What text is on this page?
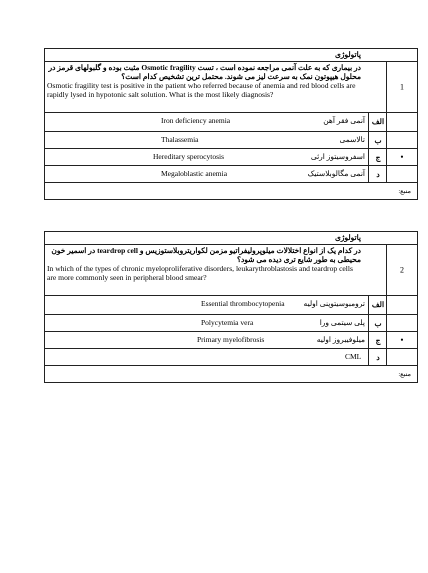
پاتولوژی
در بیماری که به علت آنمی مراجعه نموده است ، تست Osmotic fragility مثبت بوده و گلبولهای قرمز در محلول هیپوتون نمک به سرعت لیز می شوند. محتمل ترین تشخیص کدام است؟
Osmotic fragility test is positive in the patient who referred because of anemia and red blood cells are rapidly lysed in hypotonic salt solution. What is the most likely diagnosis?
1
الف
آنمی فقر آهن
Iron deficiency anemia
ب
تالاسمی
Thalassemia
•
ج
اسفروسیتوز ارثی
Hereditary sperocytosis
د
آنمی مگالوبلاستیک
Megaloblastic anemia
منبع:
پاتولوژی
در کدام یک از انواع اختلالات میلوپرولیفراتیو مزمن لکواریتروبلاستوزیس و teardrop cell در اسمیر خون محیطی به طور شایع تری دیده می شود؟
In which of the types of chronic myeloproliferative disorders, leukarythroblastosis and teardrop cells are more commonly seen in peripheral blood smear?
2
الف
ترومبوسیتوپنی اولیه
Essential thrombocytopenia
ب
پلی سیتمی ورا
Polycytemia vera
•
ج
میلوفیبروز اولیه
Primary myelofibrosis
د
CML
منبع:
